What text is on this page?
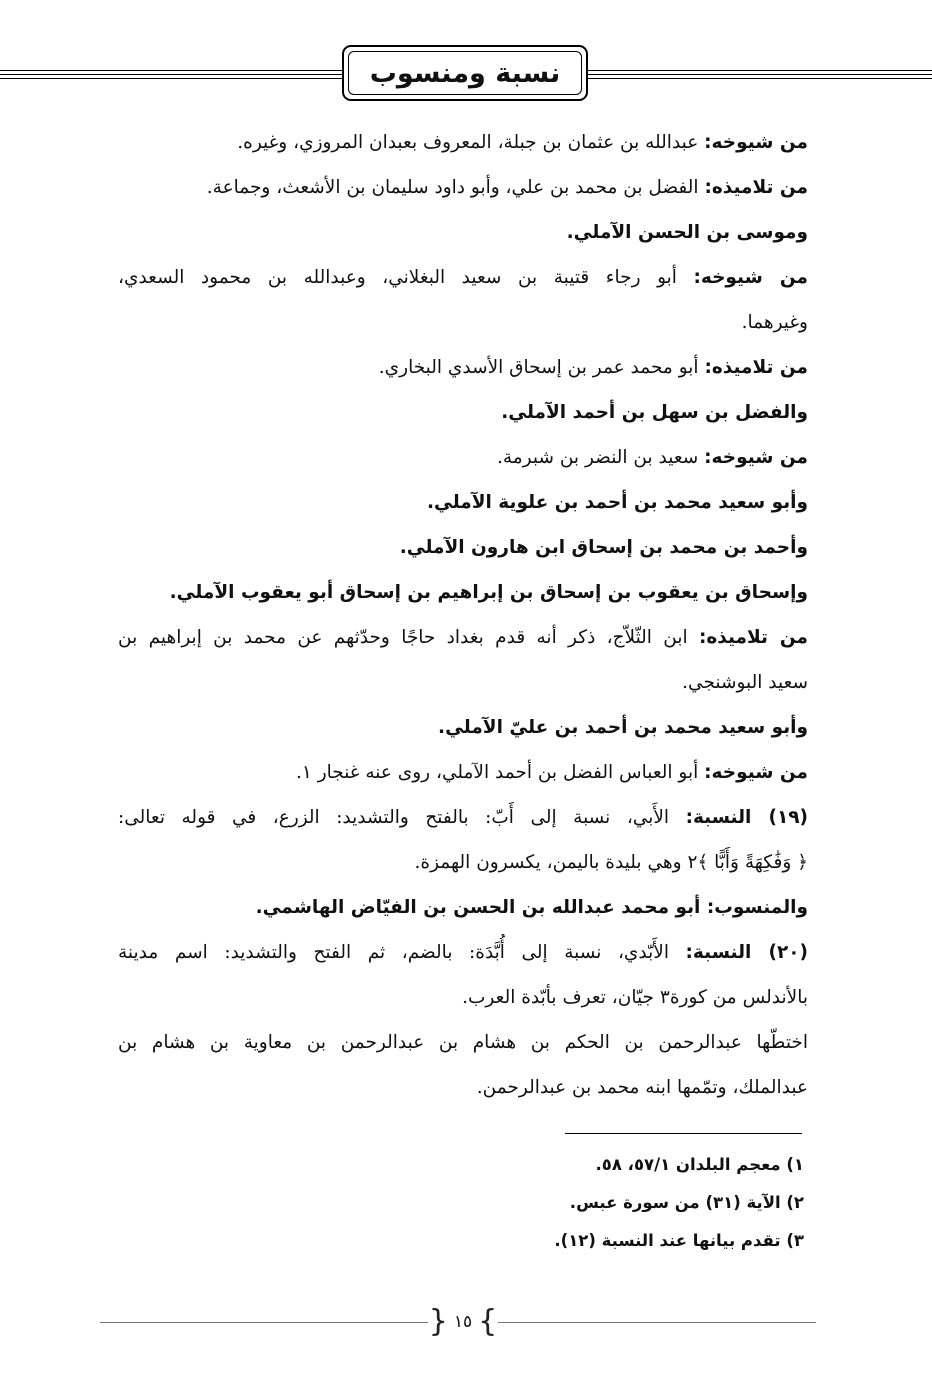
نسبة ومنسوب
من شيوخه: عبدالله بن عثمان بن جبلة، المعروف بعبدان المروزي، وغيره.
من تلاميذه: الفضل بن محمد بن علي، وأبو داود سليمان بن الأشعث، وجماعة.
وموسى بن الحسن الآملي.
من شيوخه: أبو رجاء قتيبة بن سعيد البغلاني، وعبدالله بن محمود السعدي،
وغيرهما.
من تلاميذه: أبو محمد عمر بن إسحاق الأسدي البخاري.
والفضل بن سهل بن أحمد الآملي.
من شيوخه: سعيد بن النضر بن شبرمة.
وأبو سعيد محمد بن أحمد بن علوية الآملي.
وأحمد بن محمد بن إسحاق ابن هارون الآملي.
وإسحاق بن يعقوب بن إسحاق بن إبراهيم بن إسحاق أبو يعقوب الآملي.
من تلاميذه: ابن الثّلاّج، ذكر أنه قدم بغداد حاجًا وحدّثهم عن محمد بن إبراهيم بن
سعيد البوشنجي.
وأبو سعيد محمد بن أحمد بن عليّ الآملي.
من شيوخه: أبو العباس الفضل بن أحمد الآملي، روى عنه غنجار ١.
(١٩) النسبة: الأَبي، نسبة إلى أَبّ: بالفتح والتشديد: الزرع، في قوله تعالى:
﴿ وَفَٰكِهَةً وَأَبًّا ﴾٢ وهي بليدة باليمن، يكسرون الهمزة.
والمنسوب: أبو محمد عبدالله بن الحسن بن الفيّاض الهاشمي.
(٢٠) النسبة: الأَبّدي، نسبة إلى أُبَّدَة: بالضم، ثم الفتح والتشديد: اسم مدينة
بالأندلس من كورة٣ جيّان، تعرف بأبّدة العرب.
اختطّها عبدالرحمن بن الحكم بن هشام بن عبدالرحمن بن معاوية بن هشام بن
عبدالملك، وتمّمها ابنه محمد بن عبدالرحمن.
١) معجم البلدان ٥٧/١، ٥٨.
٢) الآية (٣١) من سورة عبس.
٣) تقدم بيانها عند النسبة (١٢).
}
١٥
{
